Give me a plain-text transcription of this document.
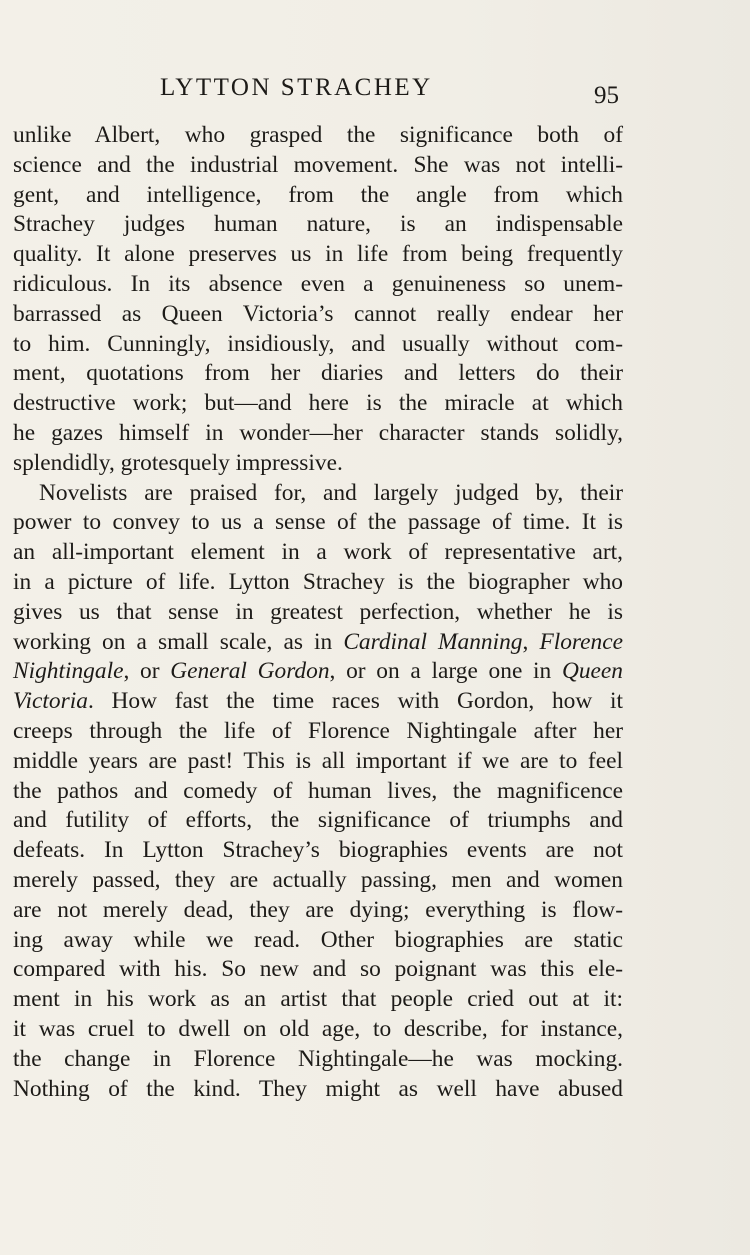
LYTTON STRACHEY	95
unlike Albert, who grasped the significance both of
science and the industrial movement. She was not intelli-
gent, and intelligence, from the angle from which
Strachey judges human nature, is an indispensable
quality. It alone preserves us in life from being frequently
ridiculous. In its absence even a genuineness so unem-
barrassed as Queen Victoria’s cannot really endear her
to him. Cunningly, insidiously, and usually without com-
ment, quotations from her diaries and letters do their
destructive work; but—and here is the miracle at which
he gazes himself in wonder—her character stands solidly,
splendidly, grotesquely impressive.
Novelists are praised for, and largely judged by, their
power to convey to us a sense of the passage of time. It is
an all-important element in a work of representative art,
in a picture of life. Lytton Strachey is the biographer who
gives us that sense in greatest perfection, whether he is
working on a small scale, as in Cardinal Manning, Florence
Nightingale, or General Gordon, or on a large one in Queen
Victoria. How fast the time races with Gordon, how it
creeps through the life of Florence Nightingale after her
middle years are past! This is all important if we are to feel
the pathos and comedy of human lives, the magnificence
and futility of efforts, the significance of triumphs and
defeats. In Lytton Strachey’s biographies events are not
merely passed, they are actually passing, men and women
are not merely dead, they are dying; everything is flow-
ing away while we read. Other biographies are static
compared with his. So new and so poignant was this ele-
ment in his work as an artist that people cried out at it:
it was cruel to dwell on old age, to describe, for instance,
the change in Florence Nightingale—he was mocking.
Nothing of the kind. They might as well have abused
